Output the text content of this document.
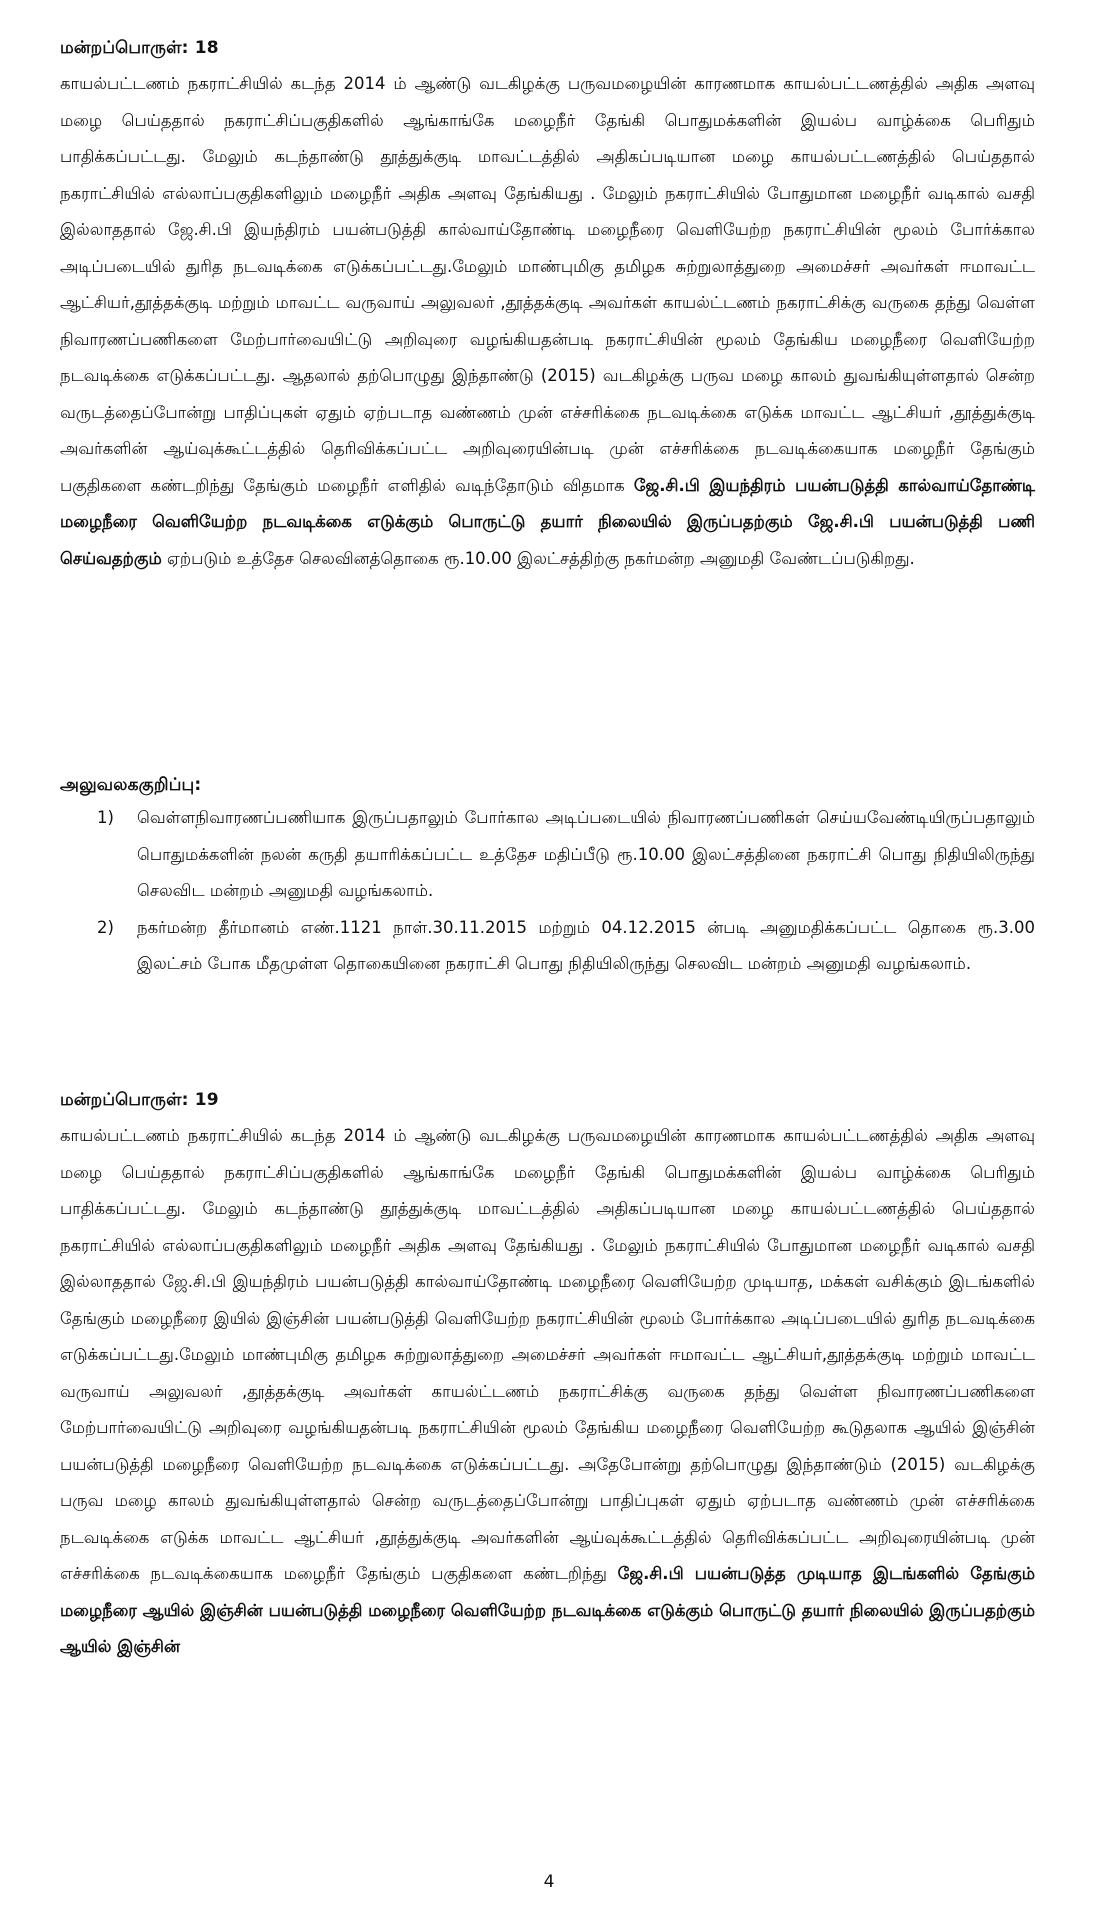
மன்றப்பொருள்: 18
காயல்பட்டணம் நகராட்சியில் கடந்த 2014 ம் ஆண்டு வடகிழக்கு பருவமழையின் காரணமாக காயல்பட்டணத்தில் அதிக அளவு மழை பெய்ததால் நகராட்சிப்பகுதிகளில் ஆங்காங்கே மழைநீர் தேங்கி பொதுமக்களின் இயல்ப வாழ்க்கை பெரிதும் பாதிக்கப்பட்டது. மேலும் கடந்தாண்டு தூத்துக்குடி மாவட்டத்தில் அதிகப்படியான மழை காயல்பட்டணத்தில் பெய்ததால் நகராட்சியில் எல்லாப்பகுதிகளிலும் மழைநீர் அதிக அளவு தேங்கியது . மேலும் நகராட்சியில் போதுமான மழைநீர் வடிகால் வசதி இல்லாததால் ஜே.சி.பி இயந்திரம் பயன்படுத்தி கால்வாய்தோண்டி மழைநீரை வெளியேற்ற நகராட்சியின் மூலம் போர்க்கால அடிப்படையில் துரித நடவடிக்கை எடுக்கப்பட்டது.மேலும் மாண்புமிகு தமிழக சுற்றுலாத்துறை அமைச்சர் அவர்கள் ஈமாவட்ட ஆட்சியர்,தூத்தக்குடி மற்றும் மாவட்ட வருவாய் அலுவலர் ,தூத்தக்குடி அவர்கள் காயல்ட்டணம் நகராட்சிக்கு வருகை தந்து வெள்ள நிவாரணப்பணிகளை மேற்பார்வையிட்டு அறிவுரை வழங்கியதன்படி நகராட்சியின் மூலம் தேங்கிய மழைநீரை வெளியேற்ற நடவடிக்கை எடுக்கப்பட்டது. ஆதலால் தற்பொழுது இந்தாண்டு (2015) வடகிழக்கு பருவ மழை காலம் துவங்கியுள்ளதால் சென்ற வருடத்தைப்போன்று பாதிப்புகள் ஏதும் ஏற்படாத வண்ணம் முன் எச்சரிக்கை நடவடிக்கை எடுக்க மாவட்ட ஆட்சியர் ,தூத்துக்குடி அவர்களின் ஆய்வுக்கூட்டத்தில் தெரிவிக்கப்பட்ட அறிவுரையின்படி முன் எச்சரிக்கை நடவடிக்கையாக மழைநீர் தேங்கும் பகுதிகளை கண்டறிந்து தேங்கும் மழைநீர் எளிதில் வடிந்தோடும் விதமாக ஜே.சி.பி இயந்திரம் பயன்படுத்தி கால்வாய்தோண்டி மழைநீரை வெளியேற்ற நடவடிக்கை எடுக்கும் பொருட்டு தயார் நிலையில் இருப்பதற்கும் ஜே.சி.பி பயன்படுத்தி பணி செய்வதற்கும் ஏற்படும் உத்தேச செலவினத்தொகை ரூ.10.00 இலட்சத்திற்கு நகர்மன்ற அனுமதி வேண்டப்படுகிறது.
அலுவலககுறிப்பு:
1) வெள்ளநிவாரணப்பணியாக இருப்பதாலும் போர்கால அடிப்படையில் நிவாரணப்பணிகள் செய்யவேண்டியிருப்பதாலும் பொதுமக்களின் நலன் கருதி தயாரிக்கப்பட்ட உத்தேச மதிப்பீடு ரூ.10.00 இலட்சத்தினை நகராட்சி பொது நிதியிலிருந்து செலவிட மன்றம் அனுமதி வழங்கலாம்.
2) நகர்மன்ற தீர்மானம் எண்.1121 நாள்.30.11.2015 மற்றும் 04.12.2015 ன்படி அனுமதிக்கப்பட்ட தொகை ரூ.3.00 இலட்சம் போக மீதமுள்ள தொகையினை நகராட்சி பொது நிதியிலிருந்து செலவிட மன்றம் அனுமதி வழங்கலாம்.
மன்றப்பொருள்: 19
காயல்பட்டணம் நகராட்சியில் கடந்த 2014 ம் ஆண்டு வடகிழக்கு பருவமழையின் காரணமாக காயல்பட்டணத்தில் அதிக அளவு மழை பெய்ததால் நகராட்சிப்பகுதிகளில் ஆங்காங்கே மழைநீர் தேங்கி பொதுமக்களின் இயல்ப வாழ்க்கை பெரிதும் பாதிக்கப்பட்டது. மேலும் கடந்தாண்டு தூத்துக்குடி மாவட்டத்தில் அதிகப்படியான மழை காயல்பட்டணத்தில் பெய்ததால் நகராட்சியில் எல்லாப்பகுதிகளிலும் மழைநீர் அதிக அளவு தேங்கியது . மேலும் நகராட்சியில் போதுமான மழைநீர் வடிகால் வசதி இல்லாததால் ஜே.சி.பி இயந்திரம் பயன்படுத்தி கால்வாய்தோண்டி மழைநீரை வெளியேற்ற முடியாத, மக்கள் வசிக்கும் இடங்களில் தேங்கும் மழைநீரை இயில் இஞ்சின் பயன்படுத்தி வெளியேற்ற நகராட்சியின் மூலம் போர்க்கால அடிப்படையில் துரித நடவடிக்கை எடுக்கப்பட்டது.மேலும் மாண்புமிகு தமிழக சுற்றுலாத்துறை அமைச்சர் அவர்கள் ஈமாவட்ட ஆட்சியர்,தூத்தக்குடி மற்றும் மாவட்ட வருவாய் அலுவலர் ,தூத்தக்குடி அவர்கள் காயல்ட்டணம் நகராட்சிக்கு வருகை தந்து வெள்ள நிவாரணப்பணிகளை மேற்பார்வையிட்டு அறிவுரை வழங்கியதன்படி நகராட்சியின் மூலம் தேங்கிய மழைநீரை வெளியேற்ற கூடுதலாக ஆயில் இஞ்சின் பயன்படுத்தி மழைநீரை வெளியேற்ற நடவடிக்கை எடுக்கப்பட்டது. அதேபோன்று தற்பொழுது இந்தாண்டும் (2015) வடகிழக்கு பருவ மழை காலம் துவங்கியுள்ளதால் சென்ற வருடத்தைப்போன்று பாதிப்புகள் ஏதும் ஏற்படாத வண்ணம் முன் எச்சரிக்கை நடவடிக்கை எடுக்க மாவட்ட ஆட்சியர் ,தூத்துக்குடி அவர்களின் ஆய்வுக்கூட்டத்தில் தெரிவிக்கப்பட்ட அறிவுரையின்படி முன் எச்சரிக்கை நடவடிக்கையாக மழைநீர் தேங்கும் பகுதிகளை கண்டறிந்து ஜே.சி.பி பயன்படுத்த முடியாத இடங்களில் தேங்கும் மழைநீரை ஆயில் இஞ்சின் பயன்படுத்தி மழைநீரை வெளியேற்ற நடவடிக்கை எடுக்கும் பொருட்டு தயார் நிலையில் இருப்பதற்கும் ஆயில் இஞ்சின்
4
